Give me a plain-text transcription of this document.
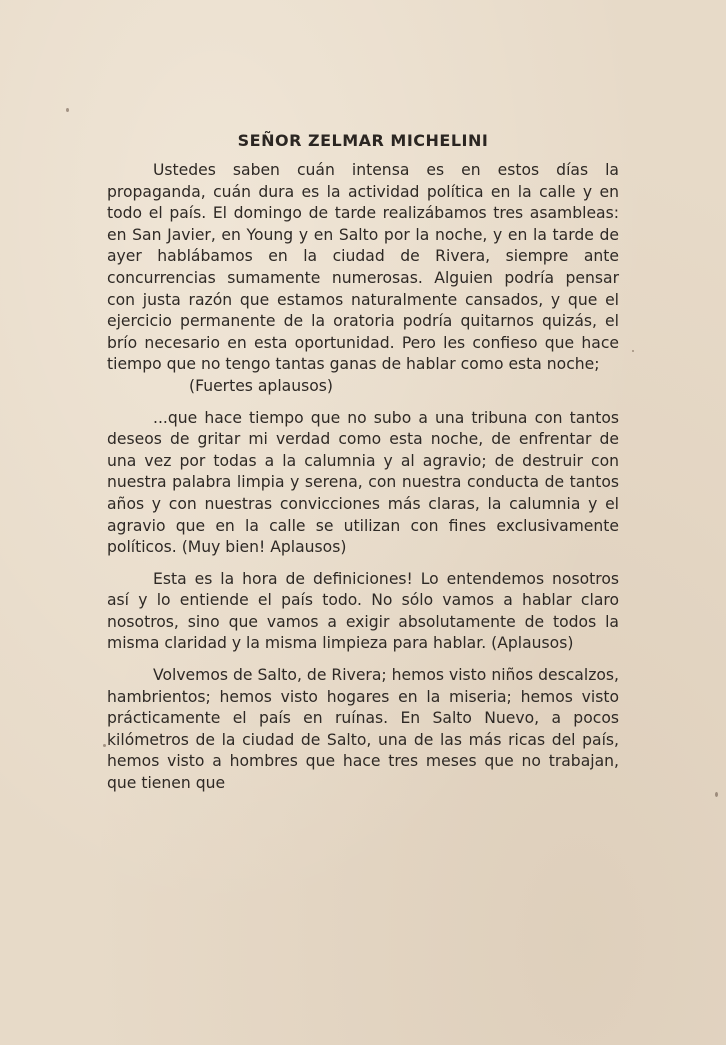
SEÑOR ZELMAR MICHELINI

Ustedes saben cuán intensa es en estos días la propaganda, cuán dura es la actividad política en la calle y en todo el país. El domingo de tarde realizábamos tres asambleas: en San Javier, en Young y en Salto por la noche, y en la tarde de ayer hablábamos en la ciudad de Rivera, siempre ante concurrencias sumamente numerosas. Alguien podría pensar con justa razón que estamos naturalmente cansados, y que el ejercicio permanente de la oratoria podría quitarnos quizás, el brío necesario en esta oportunidad. Pero les confieso que hace tiempo que no tengo tantas ganas de hablar como esta noche;

(Fuertes aplausos)

...que hace tiempo que no subo a una tribuna con tantos deseos de gritar mi verdad como esta noche, de enfrentar de una vez por todas a la calumnia y al agravio; de destruir con nuestra palabra limpia y serena, con nuestra conducta de tantos años y con nuestras convicciones más claras, la calumnia y el agravio que en la calle se utilizan con fines exclusivamente políticos. (Muy bien! Aplausos)

Esta es la hora de definiciones! Lo entendemos nosotros así y lo entiende el país todo. No sólo vamos a hablar claro nosotros, sino que vamos a exigir absolutamente de todos la misma claridad y la misma limpieza para hablar. (Aplausos)

Volvemos de Salto, de Rivera; hemos visto niños descalzos, hambrientos; hemos visto hogares en la miseria; hemos visto prácticamente el país en ruínas. En Salto Nuevo, a pocos kilómetros de la ciudad de Salto, una de las más ricas del país, hemos visto a hombres que hace tres meses que no trabajan, que tienen que
